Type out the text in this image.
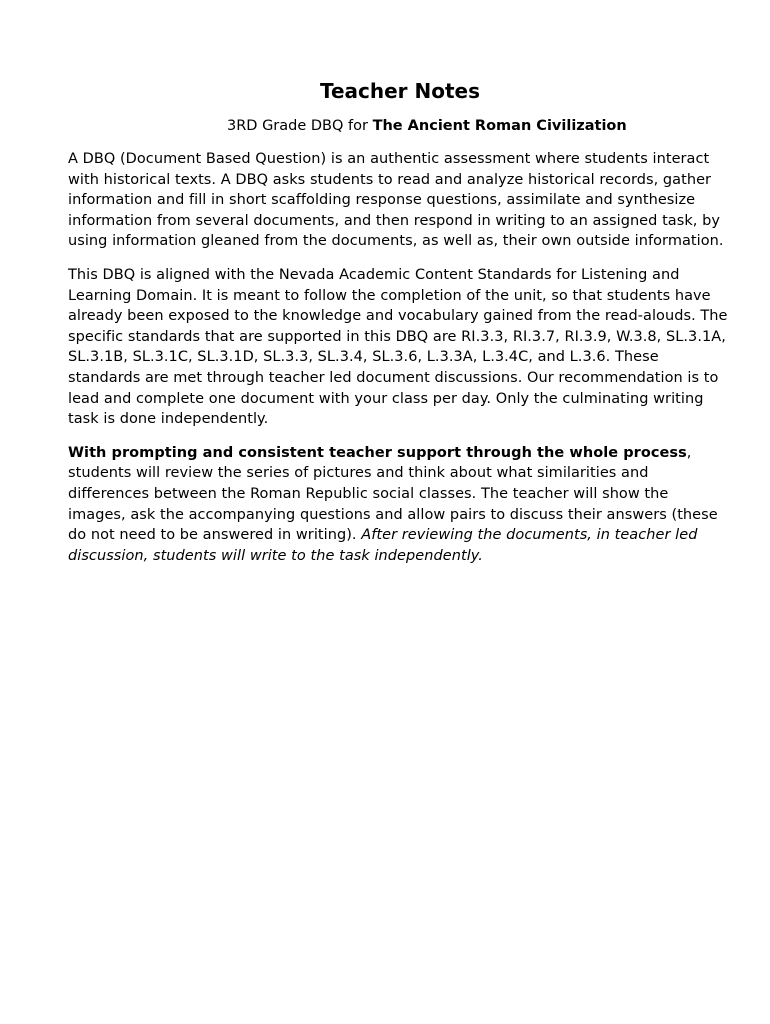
Teacher Notes

3RD Grade DBQ for The Ancient Roman Civilization

A DBQ (Document Based Question) is an authentic assessment where students interact with historical texts. A DBQ asks students to read and analyze historical records, gather information and fill in short scaffolding response questions, assimilate and synthesize information from several documents, and then respond in writing to an assigned task, by using information gleaned from the documents, as well as, their own outside information.

This DBQ is aligned with the Nevada Academic Content Standards for Listening and Learning Domain. It is meant to follow the completion of the unit, so that students have already been exposed to the knowledge and vocabulary gained from the read-alouds. The specific standards that are supported in this DBQ are RI.3.3, RI.3.7, RI.3.9, W.3.8, SL.3.1A, SL.3.1B, SL.3.1C, SL.3.1D, SL.3.3, SL.3.4, SL.3.6, L.3.3A, L.3.4C, and L.3.6. These standards are met through teacher led document discussions. Our recommendation is to lead and complete one document with your class per day. Only the culminating writing task is done independently.

With prompting and consistent teacher support through the whole process, students will review the series of pictures and think about what similarities and differences between the Roman Republic social classes. The teacher will show the images, ask the accompanying questions and allow pairs to discuss their answers (these do not need to be answered in writing). After reviewing the documents, in teacher led discussion, students will write to the task independently.
